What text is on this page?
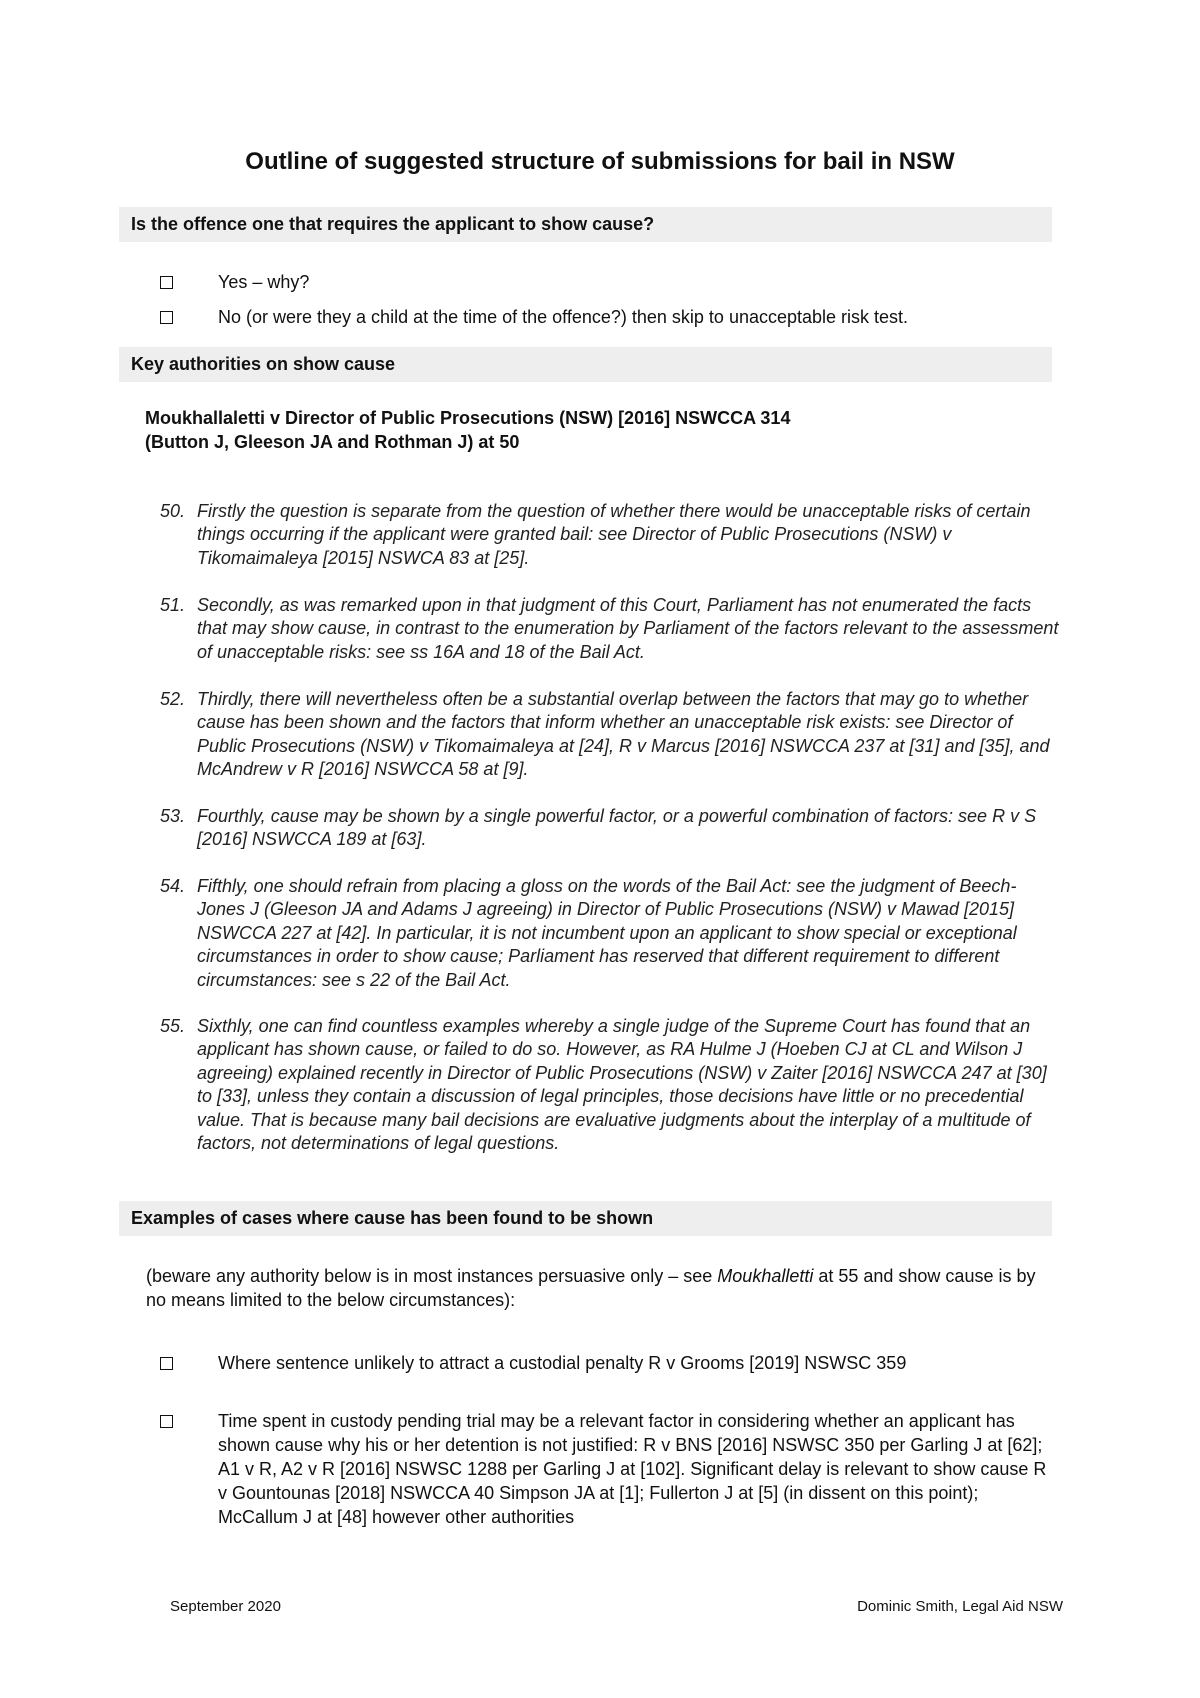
Outline of suggested structure of submissions for bail in NSW
Is the offence one that requires the applicant to show cause?
Yes – why?
No (or were they a child at the time of the offence?) then skip to unacceptable risk test.
Key authorities on show cause
Moukhallaletti v Director of Public Prosecutions (NSW) [2016] NSWCCA 314
(Button J, Gleeson JA and Rothman J) at 50
50. Firstly the question is separate from the question of whether there would be unacceptable risks of certain things occurring if the applicant were granted bail: see Director of Public Prosecutions (NSW) v Tikomaimaleya [2015] NSWCA 83 at [25].
51. Secondly, as was remarked upon in that judgment of this Court, Parliament has not enumerated the facts that may show cause, in contrast to the enumeration by Parliament of the factors relevant to the assessment of unacceptable risks: see ss 16A and 18 of the Bail Act.
52. Thirdly, there will nevertheless often be a substantial overlap between the factors that may go to whether cause has been shown and the factors that inform whether an unacceptable risk exists: see Director of Public Prosecutions (NSW) v Tikomaimaleya at [24], R v Marcus [2016] NSWCCA 237 at [31] and [35], and McAndrew v R [2016] NSWCCA 58 at [9].
53. Fourthly, cause may be shown by a single powerful factor, or a powerful combination of factors: see R v S [2016] NSWCCA 189 at [63].
54. Fifthly, one should refrain from placing a gloss on the words of the Bail Act: see the judgment of Beech-Jones J (Gleeson JA and Adams J agreeing) in Director of Public Prosecutions (NSW) v Mawad [2015] NSWCCA 227 at [42]. In particular, it is not incumbent upon an applicant to show special or exceptional circumstances in order to show cause; Parliament has reserved that different requirement to different circumstances: see s 22 of the Bail Act.
55. Sixthly, one can find countless examples whereby a single judge of the Supreme Court has found that an applicant has shown cause, or failed to do so. However, as RA Hulme J (Hoeben CJ at CL and Wilson J agreeing) explained recently in Director of Public Prosecutions (NSW) v Zaiter [2016] NSWCCA 247 at [30] to [33], unless they contain a discussion of legal principles, those decisions have little or no precedential value. That is because many bail decisions are evaluative judgments about the interplay of a multitude of factors, not determinations of legal questions.
Examples of cases where cause has been found to be shown
(beware any authority below is in most instances persuasive only – see Moukhalletti at 55 and show cause is by no means limited to the below circumstances):
Where sentence unlikely to attract a custodial penalty R v Grooms [2019] NSWSC 359
Time spent in custody pending trial may be a relevant factor in considering whether an applicant has shown cause why his or her detention is not justified: R v BNS [2016] NSWSC 350 per Garling J at [62]; A1 v R, A2 v R [2016] NSWSC 1288 per Garling J at [102]. Significant delay is relevant to show cause R v Gountounas [2018] NSWCCA 40 Simpson JA at [1]; Fullerton J at [5] (in dissent on this point); McCallum J at [48] however other authorities
September 2020	Dominic Smith, Legal Aid NSW
